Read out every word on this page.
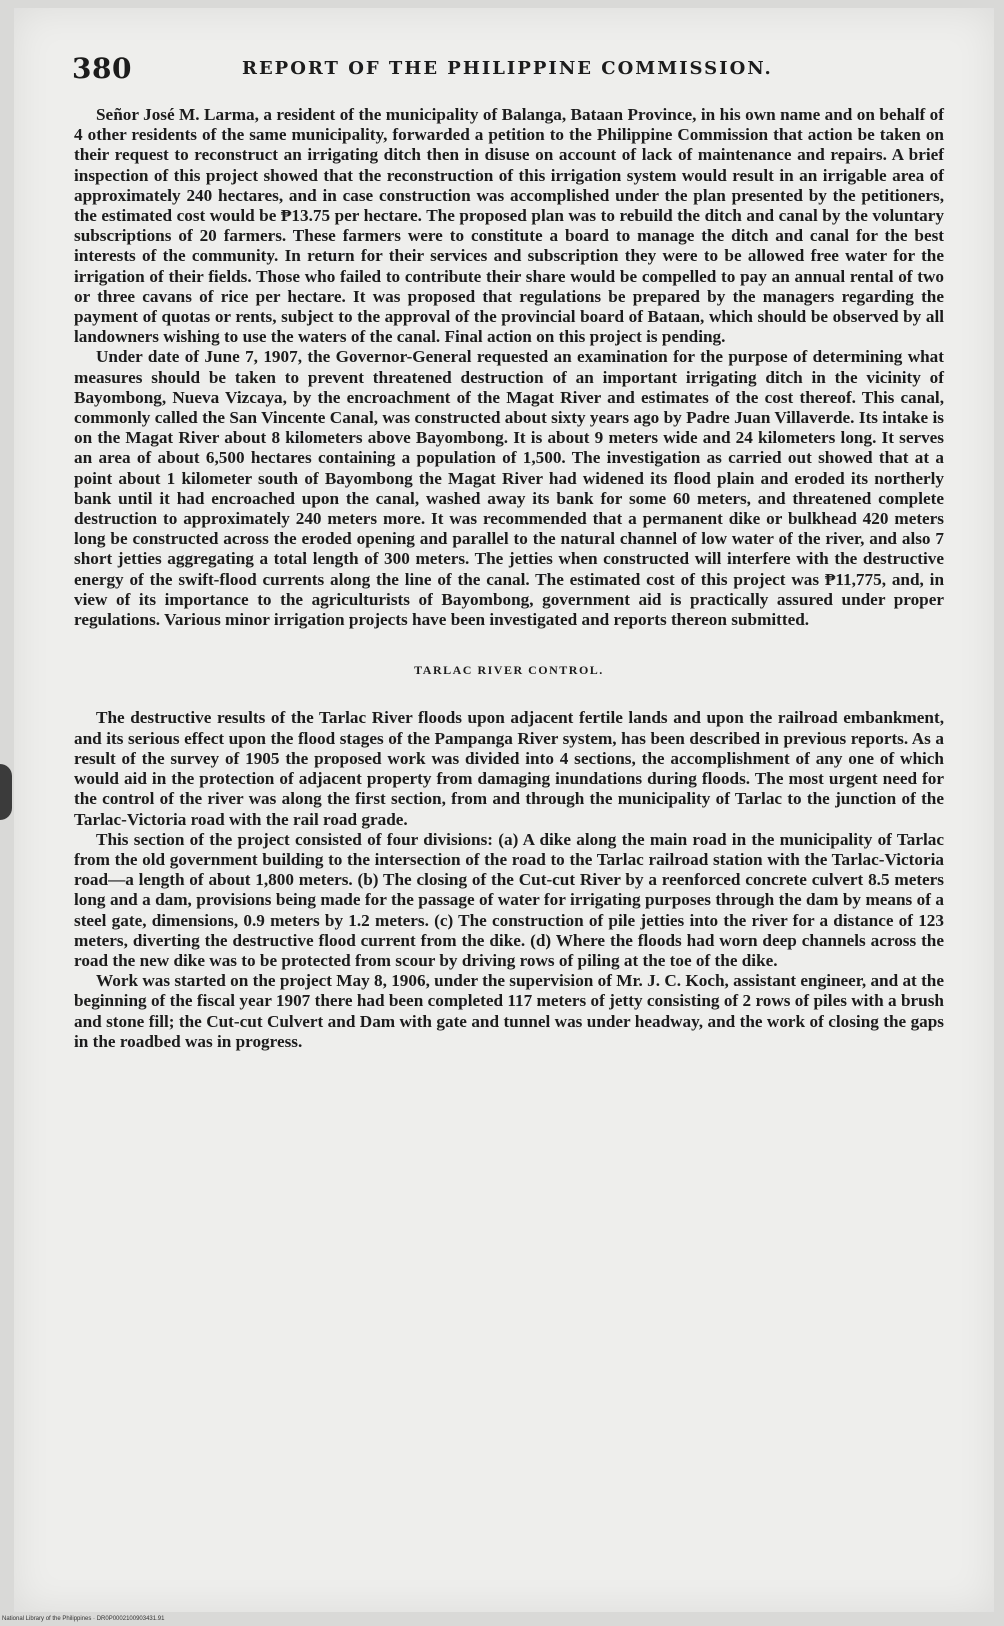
380	REPORT OF THE PHILIPPINE COMMISSION.

Señor José M. Larma, a resident of the municipality of Balanga, Bataan Province, in his own name and on behalf of 4 other residents of the same municipality, forwarded a petition to the Philippine Commission that action be taken on their request to reconstruct an irrigating ditch then in disuse on account of lack of maintenance and repairs. A brief inspection of this project showed that the reconstruction of this irrigation system would result in an irrigable area of approximately 240 hectares, and in case construction was accomplished under the plan presented by the petitioners, the estimated cost would be ₱13.75 per hectare. The proposed plan was to rebuild the ditch and canal by the voluntary subscriptions of 20 farmers. These farmers were to constitute a board to manage the ditch and canal for the best interests of the community. In return for their services and subscription they were to be allowed free water for the irrigation of their fields. Those who failed to contribute their share would be compelled to pay an annual rental of two or three cavans of rice per hectare. It was proposed that regulations be prepared by the managers regarding the payment of quotas or rents, subject to the approval of the provincial board of Bataan, which should be observed by all landowners wishing to use the waters of the canal. Final action on this project is pending.

Under date of June 7, 1907, the Governor-General requested an examination for the purpose of determining what measures should be taken to prevent threatened destruction of an important irrigating ditch in the vicinity of Bayombong, Nueva Vizcaya, by the encroachment of the Magat River and estimates of the cost thereof. This canal, commonly called the San Vincente Canal, was constructed about sixty years ago by Padre Juan Villaverde. Its intake is on the Magat River about 8 kilometers above Bayombong. It is about 9 meters wide and 24 kilometers long. It serves an area of about 6,500 hectares containing a population of 1,500. The investigation as carried out showed that at a point about 1 kilometer south of Bayombong the Magat River had widened its flood plain and eroded its northerly bank until it had encroached upon the canal, washed away its bank for some 60 meters, and threatened complete destruction to approximately 240 meters more. It was recommended that a permanent dike or bulkhead 420 meters long be constructed across the eroded opening and parallel to the natural channel of low water of the river, and also 7 short jetties aggregating a total length of 300 meters. The jetties when constructed will interfere with the destructive energy of the swift-flood currents along the line of the canal. The estimated cost of this project was ₱11,775, and, in view of its importance to the agriculturists of Bayombong, government aid is practically assured under proper regulations. Various minor irrigation projects have been investigated and reports thereon submitted.

TARLAC RIVER CONTROL.

The destructive results of the Tarlac River floods upon adjacent fertile lands and upon the railroad embankment, and its serious effect upon the flood stages of the Pampanga River system, has been described in previous reports. As a result of the survey of 1905 the proposed work was divided into 4 sections, the accomplishment of any one of which would aid in the protection of adjacent property from damaging inundations during floods. The most urgent need for the control of the river was along the first section, from and through the municipality of Tarlac to the junction of the Tarlac-Victoria road with the rail road grade.

This section of the project consisted of four divisions: (a) A dike along the main road in the municipality of Tarlac from the old government building to the intersection of the road to the Tarlac railroad station with the Tarlac-Victoria road—a length of about 1,800 meters. (b) The closing of the Cut-cut River by a reenforced concrete culvert 8.5 meters long and a dam, provisions being made for the passage of water for irrigating purposes through the dam by means of a steel gate, dimensions, 0.9 meters by 1.2 meters. (c) The construction of pile jetties into the river for a distance of 123 meters, diverting the destructive flood current from the dike. (d) Where the floods had worn deep channels across the road the new dike was to be protected from scour by driving rows of piling at the toe of the dike.

Work was started on the project May 8, 1906, under the supervision of Mr. J. C. Koch, assistant engineer, and at the beginning of the fiscal year 1907 there had been completed 117 meters of jetty consisting of 2 rows of piles with a brush and stone fill; the Cut-cut Culvert and Dam with gate and tunnel was under headway, and the work of closing the gaps in the roadbed was in progress.

National Library of the Philippines · DR0P0002100903431.91
